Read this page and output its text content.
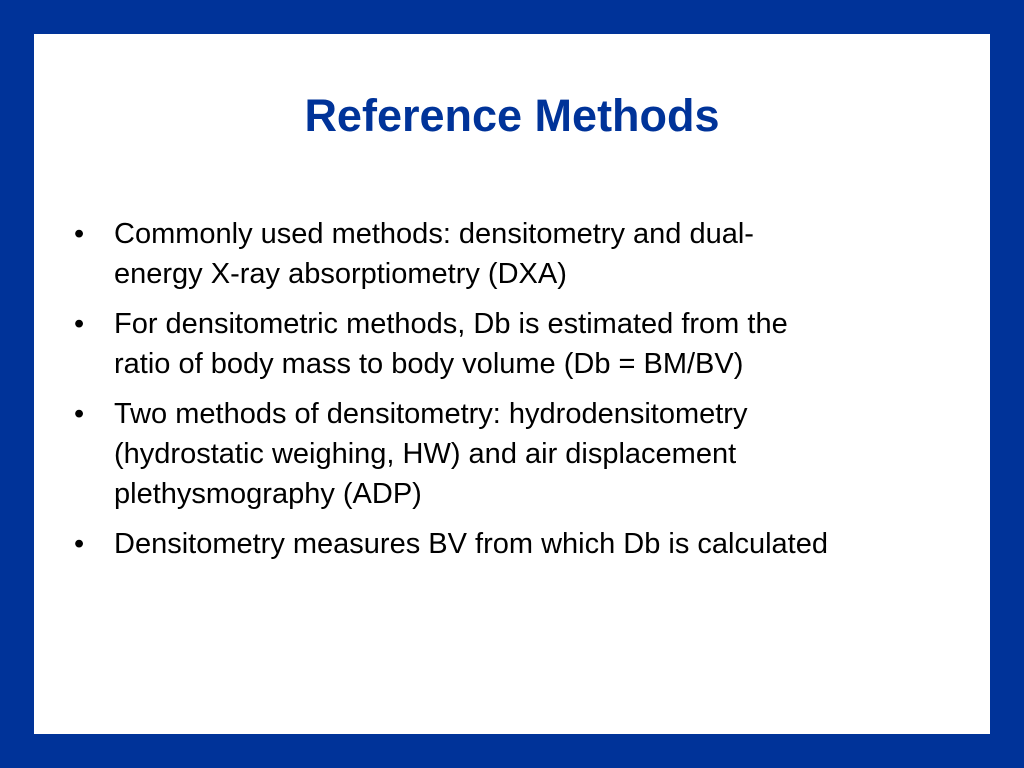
Reference Methods
•	Commonly used methods: densitometry and dual-
energy X-ray absorptiometry (DXA)
•	For densitometric methods, Db is estimated from the
ratio of body mass to body volume (Db = BM/BV)
•	Two methods of densitometry: hydrodensitometry
(hydrostatic weighing, HW) and air displacement
plethysmography (ADP)
•	Densitometry measures BV from which Db is calculated
